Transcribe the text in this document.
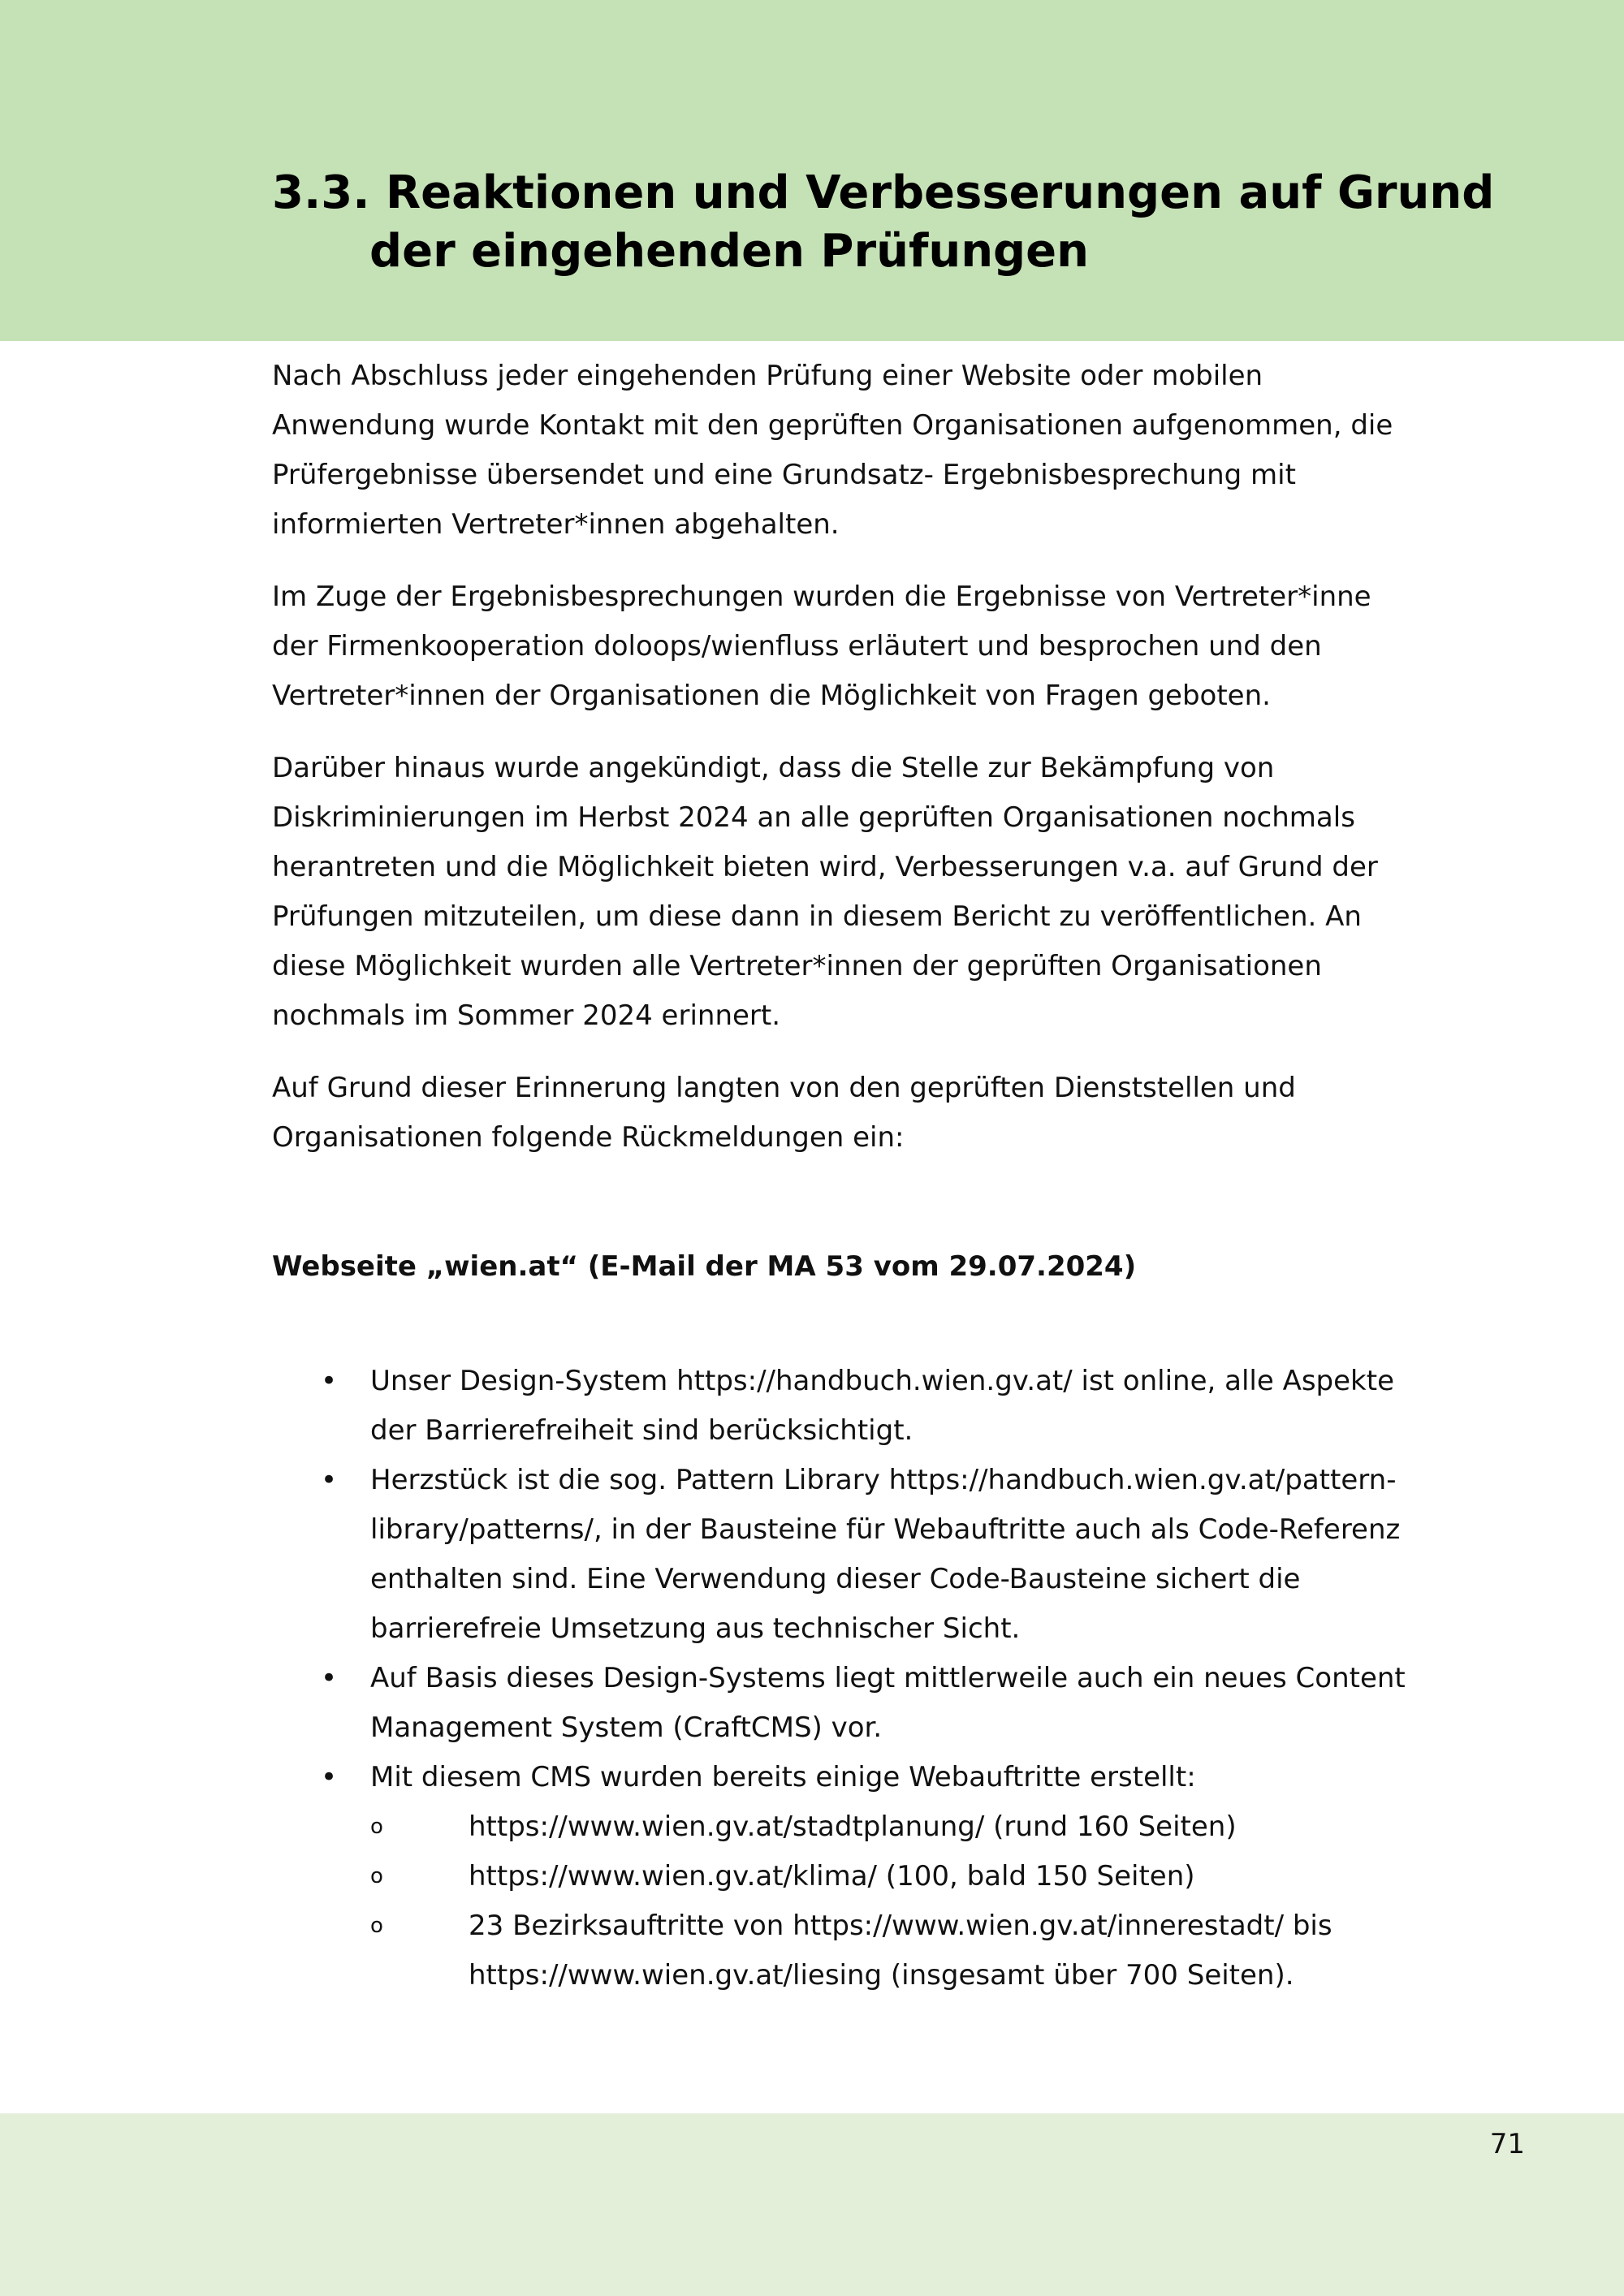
3.3. Reaktionen und Verbesserungen auf Grund
der eingehenden Prüfungen

Nach Abschluss jeder eingehenden Prüfung einer Website oder mobilen Anwendung wurde Kontakt mit den geprüften Organisationen aufgenommen, die Prüfergebnisse übersendet und eine Grundsatz- Ergebnisbesprechung mit informierten Vertreter*innen abgehalten.

Im Zuge der Ergebnisbesprechungen wurden die Ergebnisse von Vertreter*inne der Firmenkooperation doloops/wienfluss erläutert und besprochen und den Vertreter*innen der Organisationen die Möglichkeit von Fragen geboten.

Darüber hinaus wurde angekündigt, dass die Stelle zur Bekämpfung von Diskriminierungen im Herbst 2024 an alle geprüften Organisationen nochmals herantreten und die Möglichkeit bieten wird, Verbesserungen v.a. auf Grund der Prüfungen mitzuteilen, um diese dann in diesem Bericht zu veröffentlichen. An diese Möglichkeit wurden alle Vertreter*innen der geprüften Organisationen nochmals im Sommer 2024 erinnert.

Auf Grund dieser Erinnerung langten von den geprüften Dienststellen und Organisationen folgende Rückmeldungen ein:

Webseite „wien.at“ (E-Mail der MA 53 vom 29.07.2024)
• Unser Design-System https://handbuch.wien.gv.at/ ist online, alle Aspekte der Barrierefreiheit sind berücksichtigt.
• Herzstück ist die sog. Pattern Library https://handbuch.wien.gv.at/pattern-library/patterns/, in der Bausteine für Webauftritte auch als Code-Referenz enthalten sind. Eine Verwendung dieser Code-Bausteine sichert die barrierefreie Umsetzung aus technischer Sicht.
• Auf Basis dieses Design-Systems liegt mittlerweile auch ein neues Content Management System (CraftCMS) vor.
• Mit diesem CMS wurden bereits einige Webauftritte erstellt:
o	https://www.wien.gv.at/stadtplanung/ (rund 160 Seiten)
o	https://www.wien.gv.at/klima/ (100, bald 150 Seiten)
o	23 Bezirksauftritte von https://www.wien.gv.at/innerestadt/ bis https://www.wien.gv.at/liesing (insgesamt über 700 Seiten).
71
